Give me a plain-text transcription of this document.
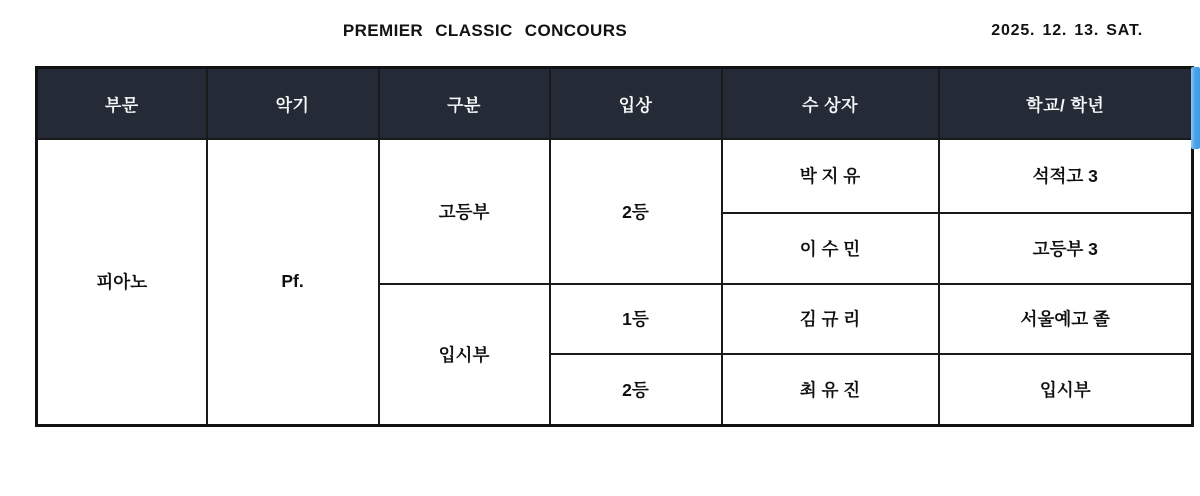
PREMIER CLASSIC CONCOURS	2025. 12. 13. SAT.
부문	악기	구분	입상	수 상자	학교/ 학년
피아노	Pf.	고등부	2등	박 지 유	석적고 3
				이 수 민	고등부 3
		입시부	1등	김 규 리	서울예고 졸
			2등	최 유 진	입시부
